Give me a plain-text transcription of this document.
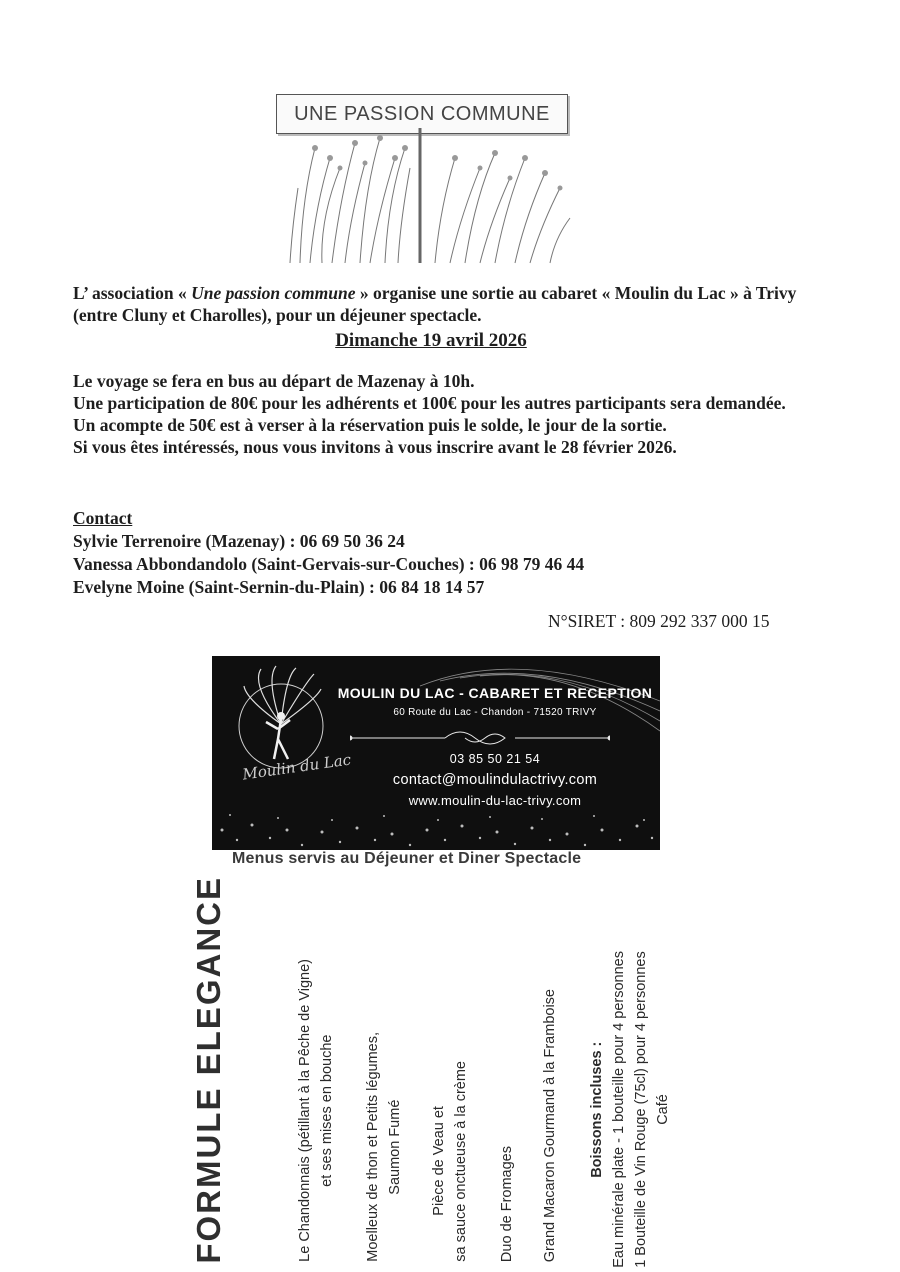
UNE PASSION COMMUNE
L’ association « Une passion commune » organise une sortie au cabaret « Moulin du Lac » à Trivy (entre Cluny et Charolles), pour un déjeuner spectacle.
Dimanche 19 avril 2026

Le voyage se fera en bus au départ de Mazenay à 10h.

Une participation de 80€ pour les adhérents et 100€ pour les autres participants sera demandée.

Un acompte de 50€ est à verser à la réservation puis le solde, le jour de la sortie.

Si vous êtes intéressés, nous vous invitons à vous inscrire avant le 28 février 2026.

Contact

Sylvie Terrenoire (Mazenay) : 06 69 50 36 24

Vanessa Abbondandolo (Saint-Gervais-sur-Couches) : 06 98 79 46 44

Evelyne Moine (Saint-Sernin-du-Plain) : 06 84 18 14 57

N°SIRET : 809 292 337 000 15
Moulin du Lac
MOULIN DU LAC - CABARET ET RECEPTION
60 Route du Lac - Chandon - 71520 TRIVY
03 85 50 21 54
contact@moulindulactrivy.com
www.moulin-du-lac-trivy.com
Menus servis au Déjeuner et Diner Spectacle
FORMULE ELEGANCE	Le Chandonnais (pétillant à la Pêche de Vigne) et ses mises en bouche Moelleux de thon et Petits légumes, Saumon Fumé Pièce de Veau et sa sauce onctueuse à la crème Duo de Fromages Grand Macaron Gourmand à la Framboise Boissons incluses : Eau minérale plate - 1 bouteille pour 4 personnes 1 Bouteille de Vin Rouge (75cl) pour 4 personnes Café
